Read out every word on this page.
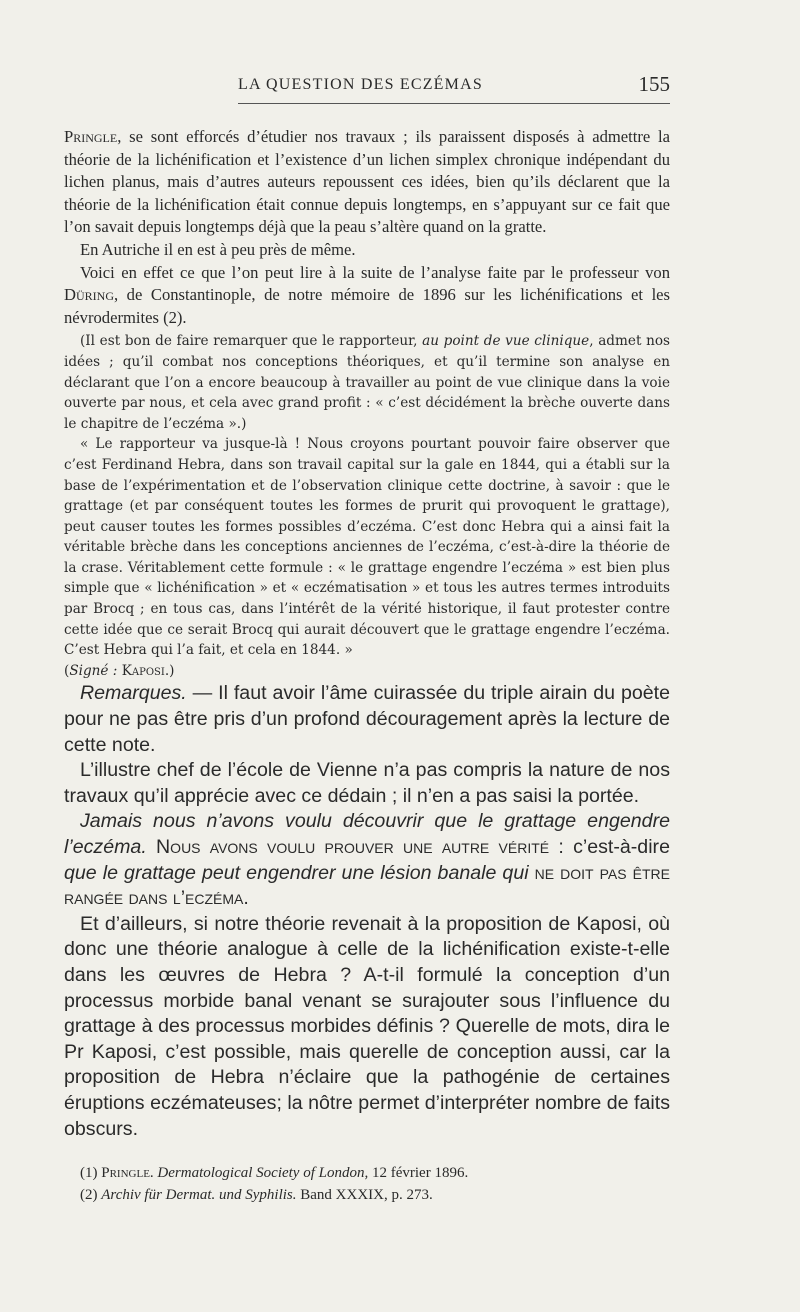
LA QUESTION DES ECZÉMAS	155

Pringle, se sont efforcés d’étudier nos travaux ; ils paraissent disposés à admettre la théorie de la lichénification et l’existence d’un lichen simplex chronique indépendant du lichen planus, mais d’autres auteurs repoussent ces idées, bien qu’ils déclarent que la théorie de la lichénification était connue depuis longtemps, en s’appuyant sur ce fait que l’on savait depuis longtemps déjà que la peau s’altère quand on la gratte.

En Autriche il en est à peu près de même.

Voici en effet ce que l’on peut lire à la suite de l’analyse faite par le professeur von Düring, de Constantinople, de notre mémoire de 1896 sur les lichénifications et les névrodermites (2).

(Il est bon de faire remarquer que le rapporteur, au point de vue clinique, admet nos idées ; qu’il combat nos conceptions théoriques, et qu’il termine son analyse en déclarant que l’on a encore beaucoup à travailler au point de vue clinique dans la voie ouverte par nous, et cela avec grand profit : « c’est décidément la brèche ouverte dans le chapitre de l’eczéma ».)

« Le rapporteur va jusque-là ! Nous croyons pourtant pouvoir faire observer que c’est Ferdinand Hebra, dans son travail capital sur la gale en 1844, qui a établi sur la base de l’expérimentation et de l’observation clinique cette doctrine, à savoir : que le grattage (et par conséquent toutes les formes de prurit qui provoquent le grattage), peut causer toutes les formes possibles d’eczéma. C’est donc Hebra qui a ainsi fait la véritable brèche dans les conceptions anciennes de l’eczéma, c’est-à-dire la théorie de la crase. Véritablement cette formule : « le grattage engendre l’eczéma » est bien plus simple que « lichénification » et « eczématisation » et tous les autres termes introduits par Brocq ; en tous cas, dans l’intérêt de la vérité historique, il faut protester contre cette idée que ce serait Brocq qui aurait découvert que le grattage engendre l’eczéma. C’est Hebra qui l’a fait, et cela en 1844. »

(Signé : Kaposi.)

Remarques. — Il faut avoir l’âme cuirassée du triple airain du poète pour ne pas être pris d’un profond découragement après la lecture de cette note.

L’illustre chef de l’école de Vienne n’a pas compris la nature de nos travaux qu’il apprécie avec ce dédain ; il n’en a pas saisi la portée.

Jamais nous n’avons voulu découvrir que le grattage engendre l’eczéma. Nous avons voulu prouver une autre vérité : c’est-à-dire que le grattage peut engendrer une lésion banale qui ne doit pas être rangée dans l’eczéma.

Et d’ailleurs, si notre théorie revenait à la proposition de Kaposi, où donc une théorie analogue à celle de la lichénification existe-t-elle dans les œuvres de Hebra ? A-t-il formulé la conception d’un processus morbide banal venant se surajouter sous l’influence du grattage à des processus morbides définis ? Querelle de mots, dira le Pr Kaposi, c’est possible, mais querelle de conception aussi, car la proposition de Hebra n’éclaire que la pathogénie de certaines éruptions eczémateuses; la nôtre permet d’interpréter nombre de faits obscurs.

(1) Pringle. Dermatological Society of London, 12 février 1896.

(2) Archiv für Dermat. und Syphilis. Band XXXIX, p. 273.
